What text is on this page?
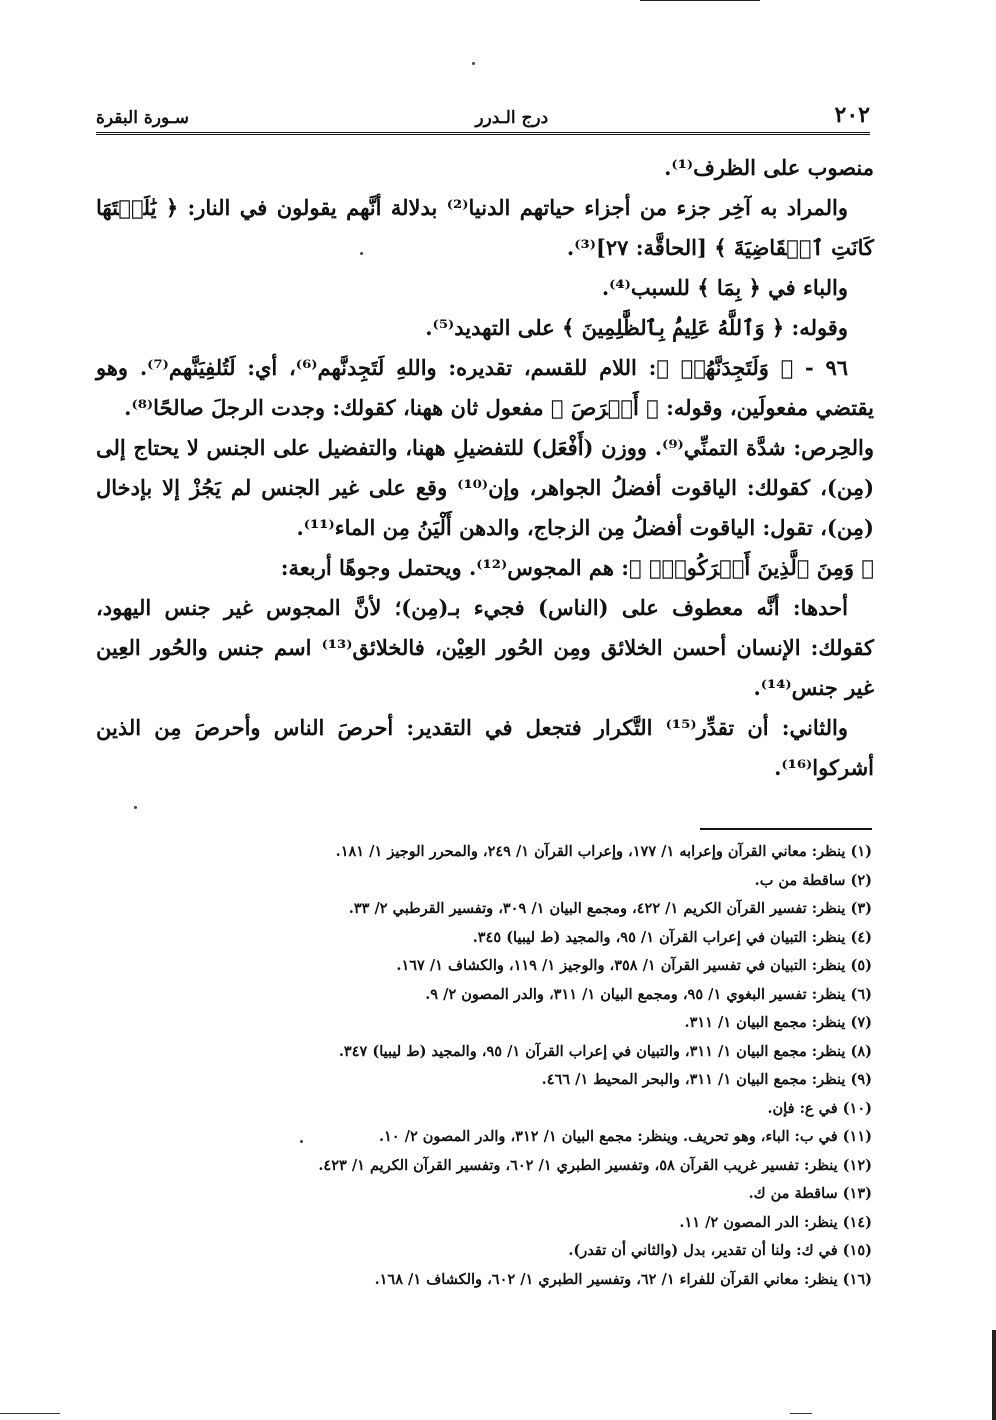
٢٠٢
درج الـدرر
سـورة البقرة

منصوب على الظرف⁽¹⁾.

والمراد به آخِر جزء من أجزاء حياتهم الدنيا⁽²⁾ بدلالة أنَّهم يقولون في النار: ﴿ يَٰلَيۡتَهَا كَانَتِ ٱلۡقَاضِيَةَ ﴾ [الحاقَّة: ٢٧]⁽³⁾.

والباء في ﴿ بِمَا ﴾ للسبب⁽⁴⁾.

وقوله: ﴿ وَٱللَّهُ عَلِيمُۢ بِٱلظَّٰلِمِينَ ﴾ على التهديد⁽⁵⁾.

٩٦ - ﴿ وَلَتَجِدَنَّهُمۡ ﴾: اللام للقسم، تقديره: واللهِ لَتَجِدنَّهم⁽⁶⁾، أي: لَتُلفِيَنَّهم⁽⁷⁾. وهو يقتضي مفعولَين، وقوله: ﴿ أَحۡرَصَ ﴾ مفعول ثان ههنا، كقولك: وجدت الرجلَ صالحًا⁽⁸⁾.

والحِرص: شدَّة التمنِّي⁽⁹⁾. ووزن (أَفْعَل) للتفضيلِ ههنا، والتفضيل على الجنس لا يحتاج إلى (مِن)، كقولك: الياقوت أفضلُ الجواهر، وإن⁽¹⁰⁾ وقع على غير الجنس لم يَجُزْ إلا بإدخال (مِن)، تقول: الياقوت أفضلُ مِن الزجاج، والدهن أَلْيَنُ مِن الماء⁽¹¹⁾.

﴿ وَمِنَ ٱلَّذِينَ أَشۡرَكُواْۚ ﴾: هم المجوس⁽¹²⁾. ويحتمل وجوهًا أربعة:

أحدها: أنَّه معطوف على (الناس) فجيء بـ(مِن)؛ لأنَّ المجوس غير جنس اليهود، كقولك: الإنسان أحسن الخلائق ومِن الحُور العِيْن، فالخلائق⁽¹³⁾ اسم جنس والحُور العِين غير جنس⁽¹⁴⁾.

والثاني: أن تقدِّر⁽¹⁵⁾ التَّكرار فتجعل في التقدير: أحرصَ الناس وأحرصَ مِن الذين أشركوا⁽¹⁶⁾.

(١) ينظر: معاني القرآن وإعرابه ١/ ١٧٧، وإعراب القرآن ١/ ٢٤٩، والمحرر الوجيز ١/ ١٨١.
(٢) ساقطة من ب.
(٣) ينظر: تفسير القرآن الكريم ١/ ٤٢٢، ومجمع البيان ١/ ٣٠٩، وتفسير القرطبي ٢/ ٣٣.
(٤) ينظر: التبيان في إعراب القرآن ١/ ٩٥، والمجيد (ط ليبيا) ٣٤٥.
(٥) ينظر: التبيان في تفسير القرآن ١/ ٣٥٨، والوجيز ١/ ١١٩، والكشاف ١/ ١٦٧.
(٦) ينظر: تفسير البغوي ١/ ٩٥، ومجمع البيان ١/ ٣١١، والدر المصون ٢/ ٩.
(٧) ينظر: مجمع البيان ١/ ٣١١.
(٨) ينظر: مجمع البيان ١/ ٣١١، والتبيان في إعراب القرآن ١/ ٩٥، والمجيد (ط ليبيا) ٣٤٧.
(٩) ينظر: مجمع البيان ١/ ٣١١، والبحر المحيط ١/ ٤٦٦.
(١٠) في ع: فإن.
(١١) في ب: الباء، وهو تحريف. وينظر: مجمع البيان ١/ ٣١٢، والدر المصون ٢/ ١٠.
(١٢) ينظر: تفسير غريب القرآن ٥٨، وتفسير الطبري ١/ ٦٠٢، وتفسير القرآن الكريم ١/ ٤٢٣.
(١٣) ساقطة من ك.
(١٤) ينظر: الدر المصون ٢/ ١١.
(١٥) في ك: ولنا أن تقدير، بدل (والثاني أن تقدر).
(١٦) ينظر: معاني القرآن للفراء ١/ ٦٢، وتفسير الطبري ١/ ٦٠٢، والكشاف ١/ ١٦٨.
